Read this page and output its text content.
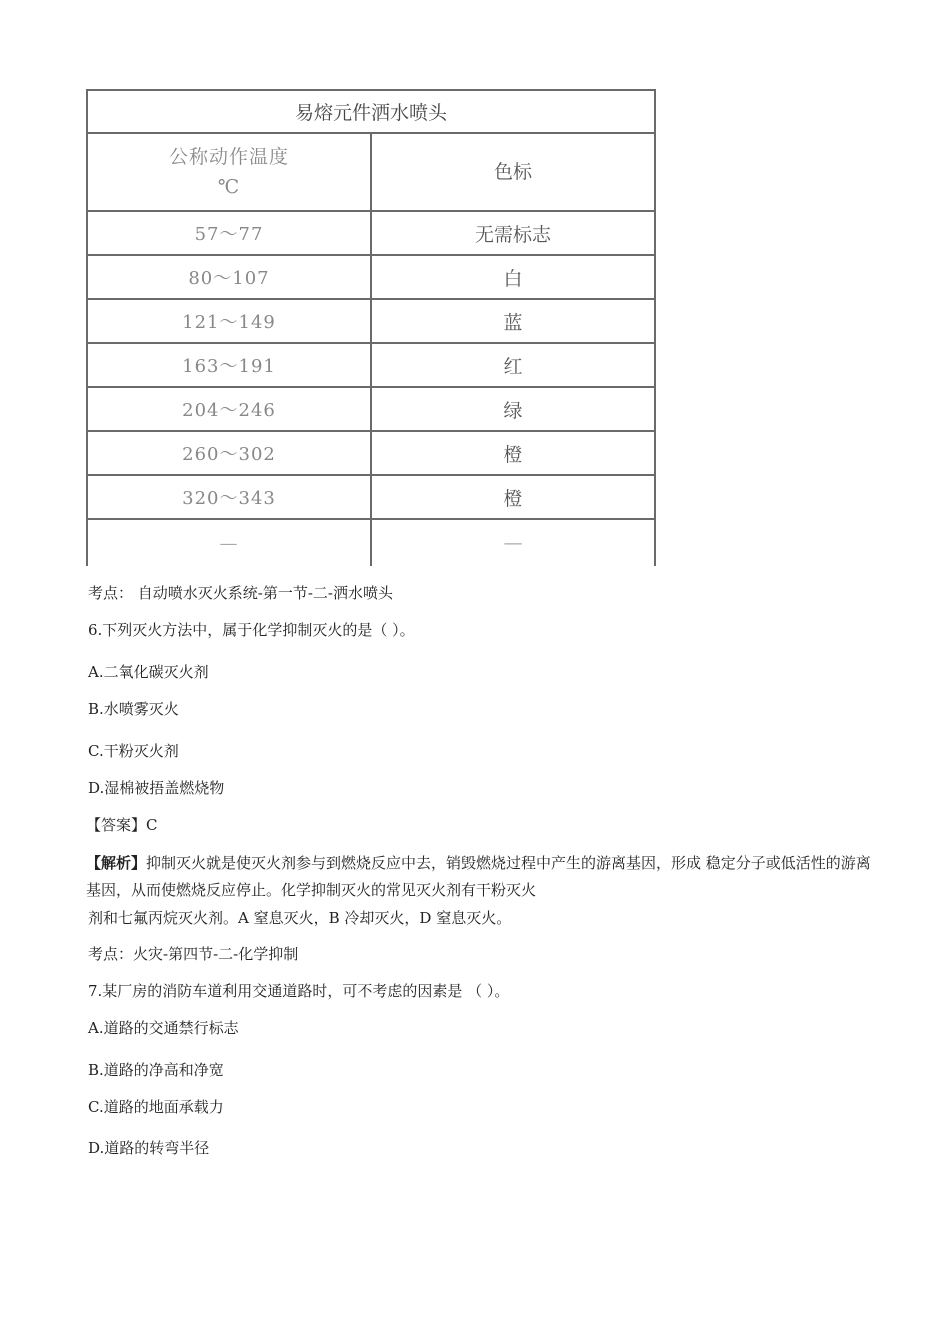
易熔元件洒水喷头	

公称动作温度
℃	色标
57～77	无需标志
80～107	白
121～149	蓝
163～191	红
204～246	绿
260～302	橙
320～343	橙
—	—
考点： 自动喷水灭火系统-第一节-二-洒水喷头
6.下列灭火方法中，属于化学抑制灭火的是（ ）。
A.二氧化碳灭火剂
B.水喷雾灭火
C.干粉灭火剂
D.湿棉被捂盖燃烧物
【答案】C
【解析】抑制灭火就是使灭火剂参与到燃烧反应中去，销毁燃烧过程中产生的游离基因，形成 稳定分子或低活性的游离基因，从而使燃烧反应停止。化学抑制灭火的常见灭火剂有干粉灭火
剂和七氟丙烷灭火剂。A 窒息灭火，B 冷却灭火，D 窒息灭火。
考点：火灾-第四节-二-化学抑制
7.某厂房的消防车道利用交通道路时，可不考虑的因素是 （ ）。
A.道路的交通禁行标志
B.道路的净高和净宽
C.道路的地面承载力
D.道路的转弯半径
